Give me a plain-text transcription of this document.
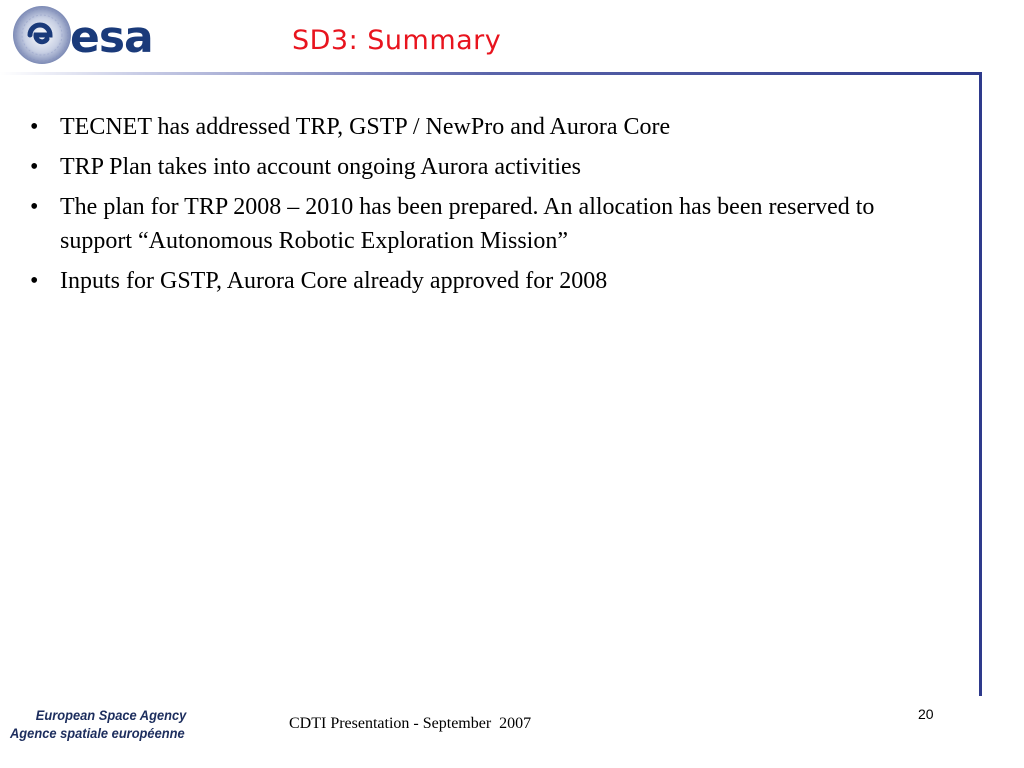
esa	SD3: Summary
• TECNET has addressed TRP, GSTP / NewPro and Aurora Core
• TRP Plan takes into account ongoing Aurora activities
• The plan for TRP 2008 – 2010 has been prepared. An allocation has been reserved to support “Autonomous Robotic Exploration Mission”
• Inputs for GSTP, Aurora Core already approved for 2008
European Space Agency
Agence spatiale européenne
CDTI Presentation - September  2007
20
